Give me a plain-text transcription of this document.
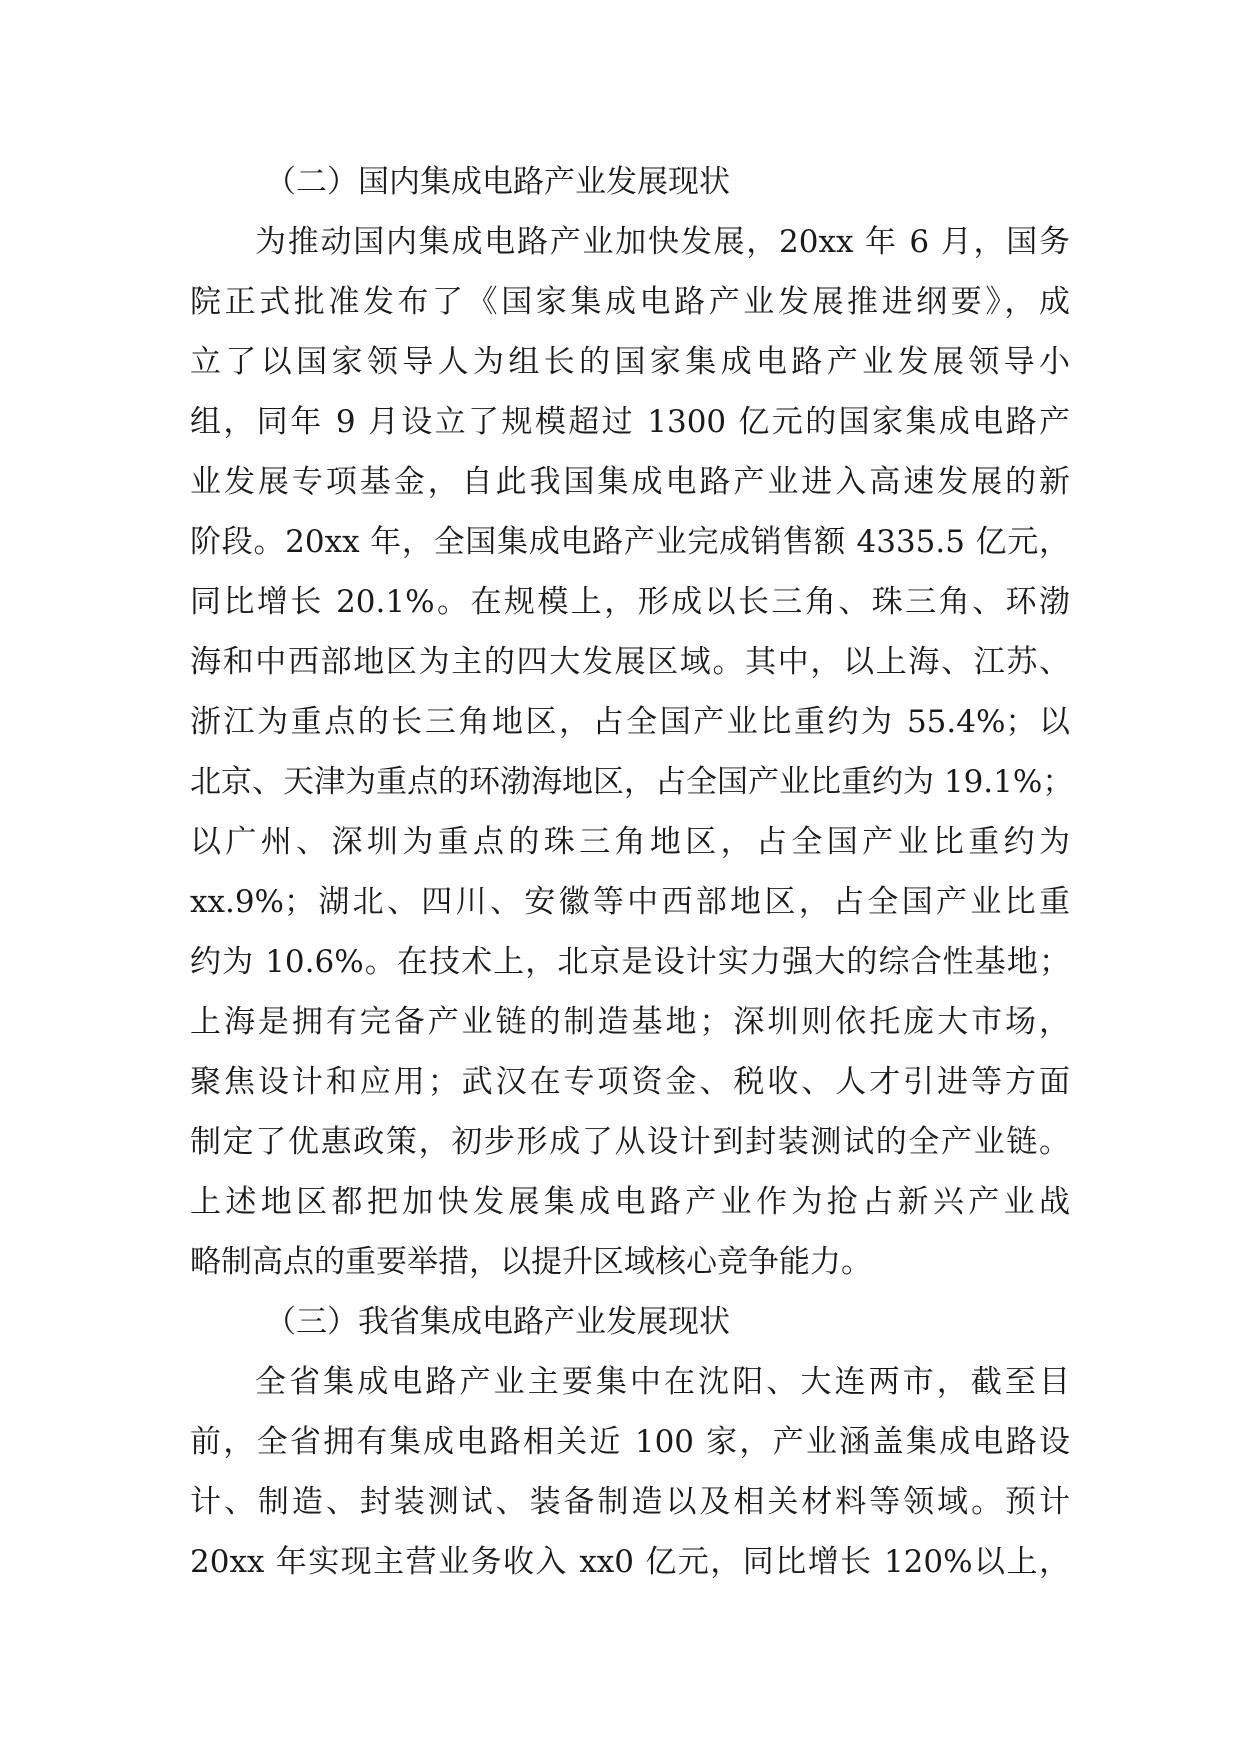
（二）国内集成电路产业发展现状
为推动国内集成电路产业加快发展，20xx 年 6 月，国务
院正式批准发布了《国家集成电路产业发展推进纲要》，成
立了以国家领导人为组长的国家集成电路产业发展领导小
组，同年 9 月设立了规模超过 1300 亿元的国家集成电路产
业发展专项基金，自此我国集成电路产业进入高速发展的新
阶段。20xx 年，全国集成电路产业完成销售额 4335.5 亿元，
同比增长 20.1%。在规模上，形成以长三角、珠三角、环渤
海和中西部地区为主的四大发展区域。其中，以上海、江苏、
浙江为重点的长三角地区，占全国产业比重约为 55.4%；以
北京、天津为重点的环渤海地区，占全国产业比重约为 19.1%；
以广州、深圳为重点的珠三角地区，占全国产业比重约为
xx.9%；湖北、四川、安徽等中西部地区，占全国产业比重
约为 10.6%。在技术上，北京是设计实力强大的综合性基地；
上海是拥有完备产业链的制造基地；深圳则依托庞大市场，
聚焦设计和应用；武汉在专项资金、税收、人才引进等方面
制定了优惠政策，初步形成了从设计到封装测试的全产业链。
上述地区都把加快发展集成电路产业作为抢占新兴产业战
略制高点的重要举措，以提升区域核心竞争能力。
（三）我省集成电路产业发展现状
全省集成电路产业主要集中在沈阳、大连两市，截至目
前，全省拥有集成电路相关近 100 家，产业涵盖集成电路设
计、制造、封装测试、装备制造以及相关材料等领域。预计
20xx 年实现主营业务收入 xx0 亿元，同比增长 120%以上，
